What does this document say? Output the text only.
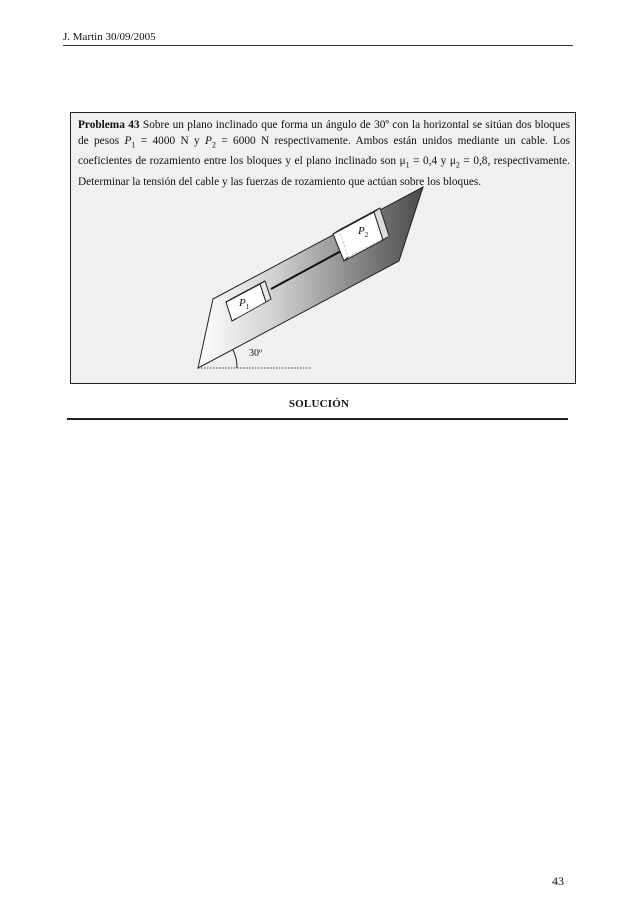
J. Martin 30/09/2005

Problema 43 Sobre un plano inclinado que forma un ángulo de 30º con la horizontal se sitúan dos bloques de pesos $P_1 = 4000$ N y $P_2 = 6000$ N respectivamente. Ambos están unidos mediante un cable. Los coeficientes de rozamiento entre los bloques y el plano inclinado son $\mu_1 = 0,4$ y $\mu_2 = 0,8$, respectivamente. Determinar la tensión del cable y las fuerzas de rozamiento que actúan sobre los bloques.

30º
$P_1$
$P_2$
SOLUCIÓN
43
